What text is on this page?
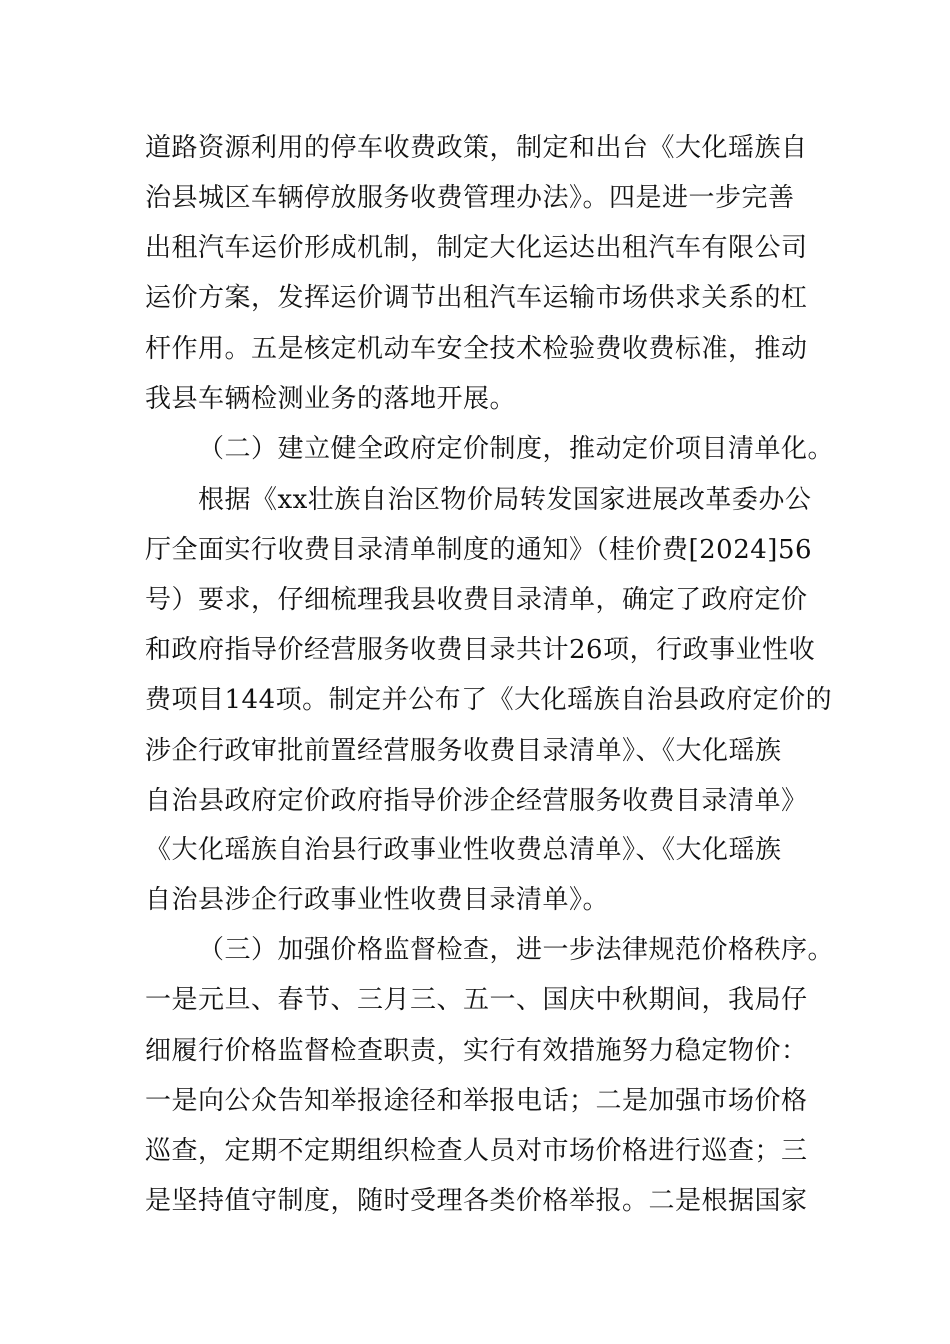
道路资源利用的停车收费政策，制定和出台《大化瑶族自
治县城区车辆停放服务收费管理办法》。四是进一步完善
出租汽车运价形成机制，制定大化运达出租汽车有限公司
运价方案，发挥运价调节出租汽车运输市场供求关系的杠
杆作用。五是核定机动车安全技术检验费收费标准，推动
我县车辆检测业务的落地开展。
（二）建立健全政府定价制度，推动定价项目清单化。
根据《xx壮族自治区物价局转发国家进展改革委办公
厅全面实行收费目录清单制度的通知》（桂价费[2024]56
号）要求，仔细梳理我县收费目录清单，确定了政府定价
和政府指导价经营服务收费目录共计26项，行政事业性收
费项目144项。制定并公布了《大化瑶族自治县政府定价的
涉企行政审批前置经营服务收费目录清单》、《大化瑶族
自治县政府定价政府指导价涉企经营服务收费目录清单》
《大化瑶族自治县行政事业性收费总清单》、《大化瑶族
自治县涉企行政事业性收费目录清单》。
（三）加强价格监督检查，进一步法律规范价格秩序。
一是元旦、春节、三月三、五一、国庆中秋期间，我局仔
细履行价格监督检查职责，实行有效措施努力稳定物价：
一是向公众告知举报途径和举报电话；二是加强市场价格
巡查，定期不定期组织检查人员对市场价格进行巡查；三
是坚持值守制度，随时受理各类价格举报。二是根据国家
